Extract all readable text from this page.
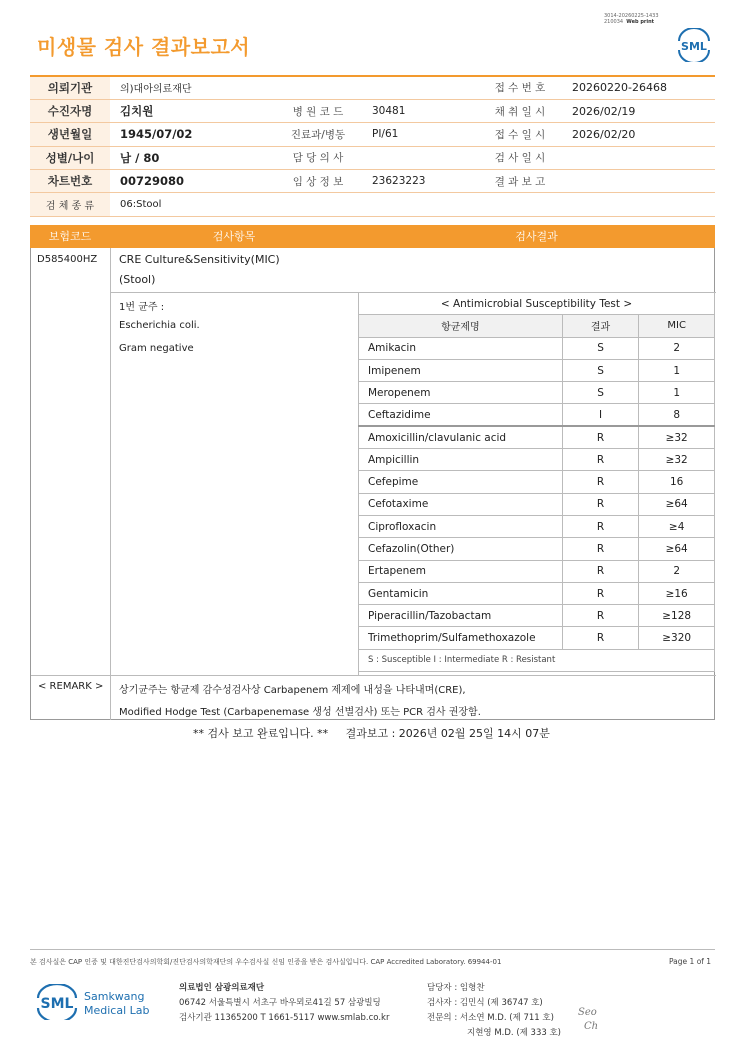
3014-20260225-1433
210034 Web print
미생물 검사 결과보고서	SML
의뢰기관	의)대아의료재단			접 수 번 호	20260220-26468
수진자명	김치원	병 원 코 드	30481	채 취 일 시	2026/02/19
생년월일	1945/07/02	진료과/병동	PI/61	접 수 일 시	2026/02/20
성별/나이	남 / 80	담 당 의 사		검 사 일 시	
차트번호	00729080	임 상 정 보	23623223	결 과 보 고	
검 체 종 류	06:Stool				
보험코드	검사항목	검사결과
D585400HZ CRE Culture&Sensitivity(MIC)
(Stool)
1번 균주 :
Escherichia coli.
Gram negative
< Antimicrobial Susceptibility Test >		
항균제명	결과	MIC
Amikacin	S	2
Imipenem	S	1
Meropenem	S	1
Ceftazidime	I	8
Amoxicillin/clavulanic acid	R	≥32
Ampicillin	R	≥32
Cefepime	R	16
Cefotaxime	R	≥64
Ciprofloxacin	R	≥4
Cefazolin(Other)	R	≥64
Ertapenem	R	2
Gentamicin	R	≥16
Piperacillin/Tazobactam	R	≥128
Trimethoprim/Sulfamethoxazole	R	≥320
S : Susceptible I : Intermediate R : Resistant		
< REMARK > 상기균주는 항균제 감수성검사상 Carbapenem 제제에 내성을 나타내며(CRE),
Modified Hodge Test (Carbapenemase 생성 선별검사) 또는 PCR 검사 권장함.
** 검사 보고 완료입니다. **     결과보고 : 2026년 02월 25일 14시 07분
본 검사실은 CAP 인증 및 대한진단검사의학회/진단검사의학재단의 우수검사실 신임 인증을 받은 검사실입니다. CAP Accredited Laboratory. 69944-01	Page 1 of 1
SML Samkwang
Medical Lab
의료법인 삼광의료재단
06742 서울특별시 서초구 바우뫼로41길 57 삼광빌딩
검사기관 11365200 T 1661-5117 www.smlab.co.kr
담당자 : 임형찬
검사자 : 김민식 (제 36747 호)
전문의 : 서소연 M.D. (제 711 호)
지현영 M.D. (제 333 호)
Seo
Ch
